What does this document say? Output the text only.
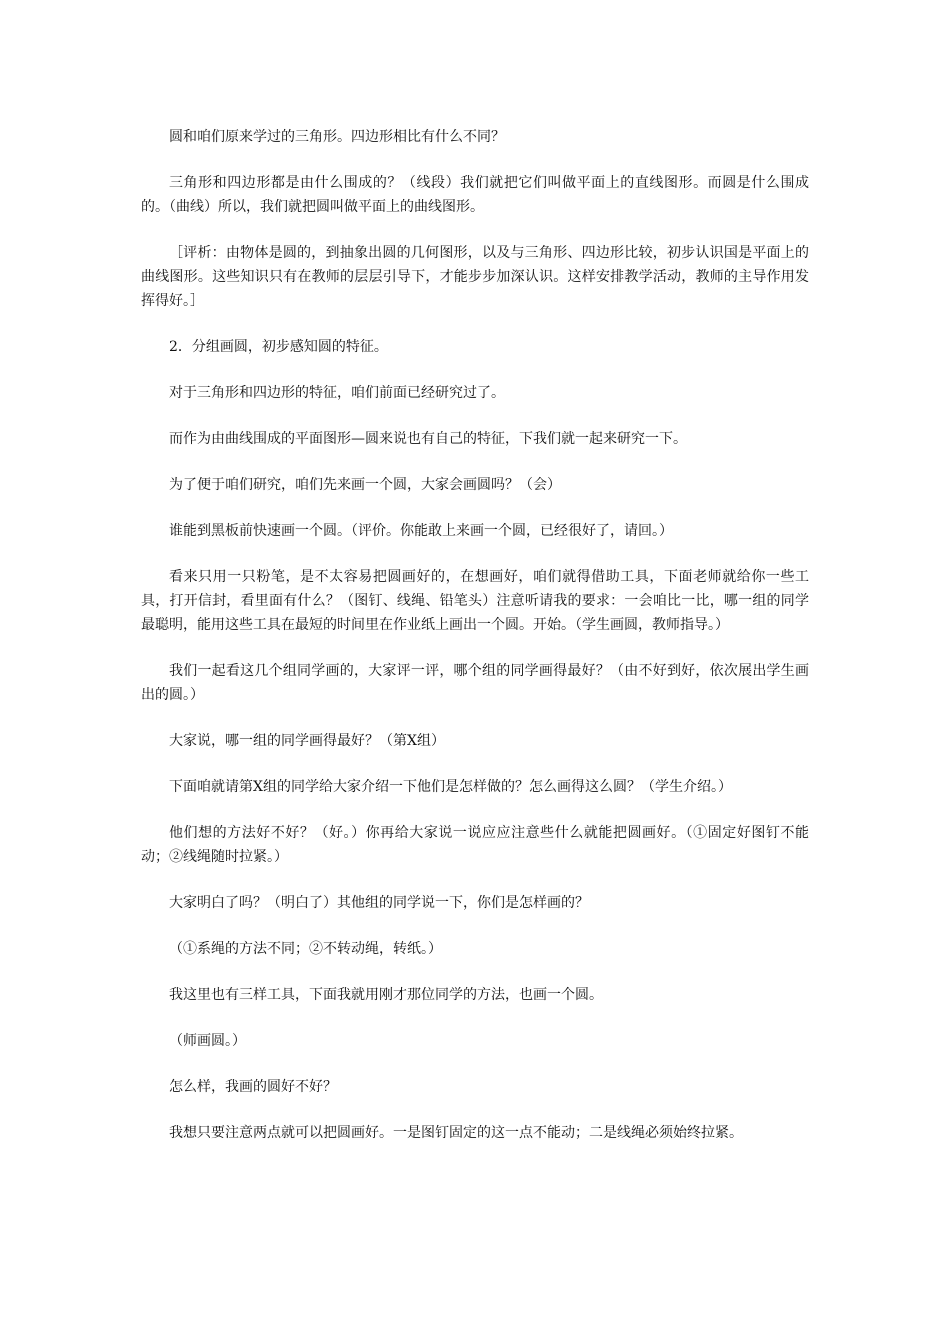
圆和咱们原来学过的三角形。四边形相比有什么不同？

三角形和四边形都是由什么围成的？（线段）我们就把它们叫做平面上的直线图形。而圆是什么围成的。（曲线）所以，我们就把圆叫做平面上的曲线图形。

［评析：由物体是圆的，到抽象出圆的几何图形，以及与三角形、四边形比较，初步认识国是平面上的曲线图形。这些知识只有在教师的层层引导下，才能步步加深认识。这样安排教学活动，教师的主导作用发挥得好。］

2．分组画圆，初步感知圆的特征。

对于三角形和四边形的特征，咱们前面已经研究过了。

而作为由曲线围成的平面图形—圆来说也有自己的特征，下我们就一起来研究一下。

为了便于咱们研究，咱们先来画一个圆，大家会画圆吗？（会）

谁能到黑板前快速画一个圆。（评价。你能敢上来画一个圆，已经很好了，请回。）

看来只用一只粉笔，是不太容易把圆画好的，在想画好，咱们就得借助工具，下面老师就给你一些工具，打开信封，看里面有什么？（图钉、线绳、铅笔头）注意听请我的要求：一会咱比一比，哪一组的同学最聪明，能用这些工具在最短的时间里在作业纸上画出一个圆。开始。（学生画圆，教师指导。）

我们一起看这几个组同学画的，大家评一评，哪个组的同学画得最好？（由不好到好，依次展出学生画出的圆。）

大家说，哪一组的同学画得最好？（第X组）

下面咱就请第X组的同学给大家介绍一下他们是怎样做的？怎么画得这么圆？（学生介绍。）

他们想的方法好不好？（好。）你再给大家说一说应应注意些什么就能把圆画好。（①固定好图钉不能动；②线绳随时拉紧。）

大家明白了吗？（明白了）其他组的同学说一下，你们是怎样画的？

（①系绳的方法不同；②不转动绳，转纸。）

我这里也有三样工具，下面我就用刚才那位同学的方法，也画一个圆。

（师画圆。）

怎么样，我画的圆好不好？

我想只要注意两点就可以把圆画好。一是图钉固定的这一点不能动；二是线绳必须始终拉紧。
